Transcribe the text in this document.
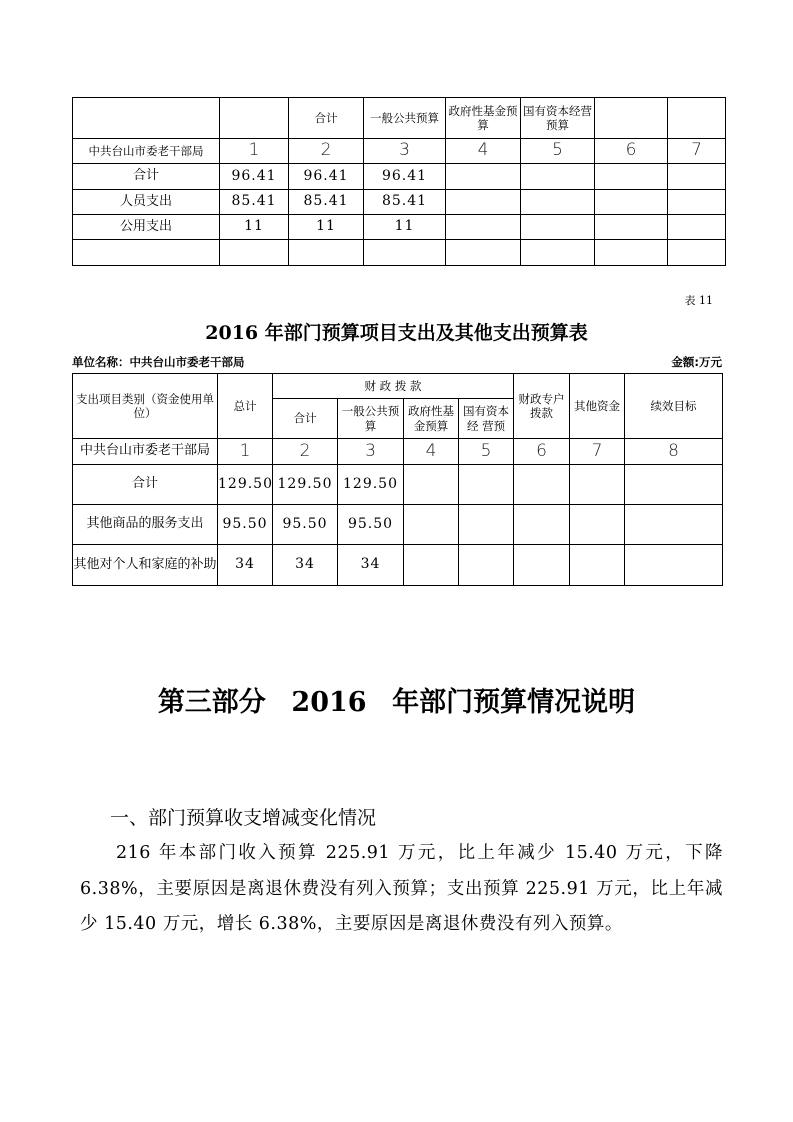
		合计	一般公共预算	政府性基金预算	国有资本经营预算		
中共台山市委老干部局	1	2	3	4	5	6	7
合计	96.41	96.41	96.41				
人员支出	85.41	85.41	85.41				
公用支出	11	11	11				

表 11
2016 年部门预算项目支出及其他支出预算表
单位名称：中共台山市委老干部局	金额:万元
支出项目类别（资金使用单 位）	总计	财 政 拨 款				财政专户拨款	其他资金	续效目标
		合计	一般公共预算	政府性基金预算	国有资本经 营预			
中共台山市委老干部局	1	2	3	4	5	6	7	8
合计	129.50	129.50	129.50					
其他商品的服务支出	95.50	95.50	95.50					
其他对个人和家庭的补助	34	34	34					
第三部分 2016 年部门预算情况说明
一、部门预算收支增减变化情况
216 年本部门收入预算 225.91 万元，比上年减少 15.40 万元，下降 6.38%，主要原因是离退休费没有列入预算；支出预算 225.91 万元，比上年减少 15.40 万元，增长 6.38%，主要原因是离退休费没有列入预算。
